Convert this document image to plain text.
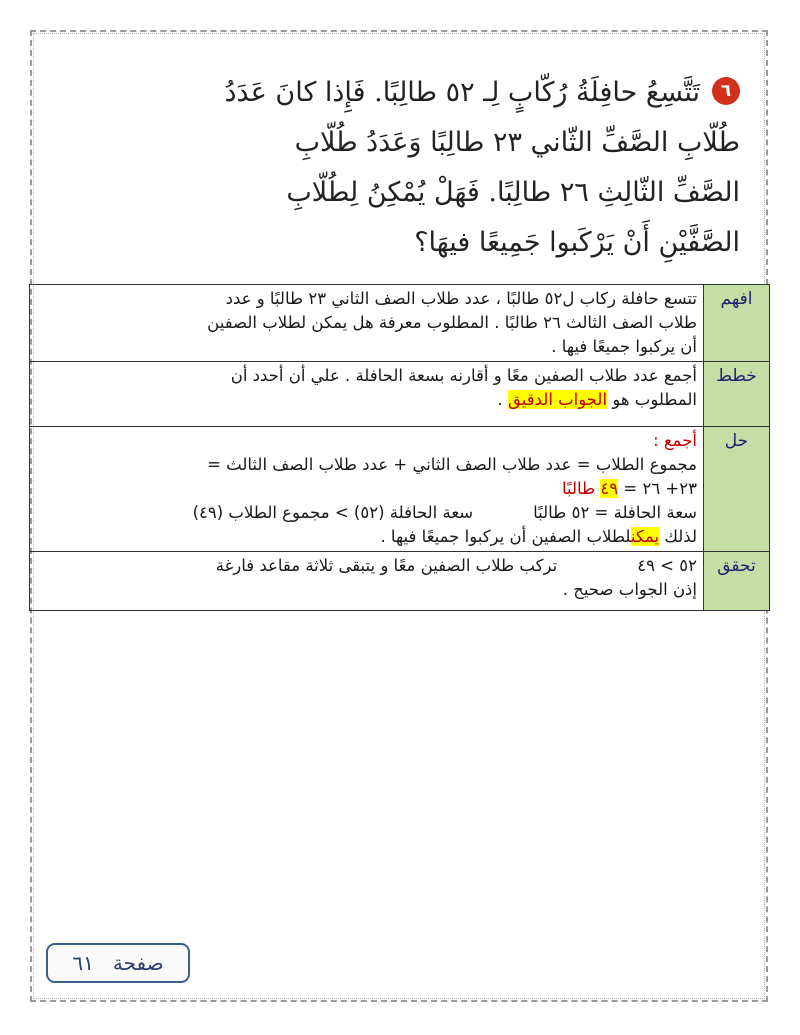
٦تَتَّسِعُ حافِلَةُ رُكّابٍ لِـ ٥٢ طالِبًا. فَإِذا كانَ عَدَدُ
طُلّابِ الصَّفِّ الثّاني ٢٣ طالِبًا وَعَدَدُ طُلّابِ
الصَّفِّ الثّالِثِ ٢٦ طالِبًا. فَهَلْ يُمْكِنُ لِطُلّابِ
الصَّفَّيْنِ أَنْ يَرْكَبوا جَمِيعًا فيهَا؟
افهم	تتسع حافلة ركاب ل٥٢ طالبًا ، عدد طلاب الصف الثاني ٢٣ طالبًا و عدد
طلاب الصف الثالث ٢٦ طالبًا . المطلوب معرفة هل يمكن لطلاب الصفين
أن يركبوا جميعًا فيها .

خطط	أجمع عدد طلاب الصفين معًا و أقارنه بسعة الحافلة . علي أن أحدد أن
المطلوب هو الجواب الدقيق .

حل	أجمع :
مجموع الطلاب = عدد طلاب الصف الثاني + عدد طلاب الصف الثالث =
٢٣+ ٢٦ = ٤٩ طالبًا
سعة الحافلة = ٥٢ طالبًاسعة الحافلة (٥٢) > مجموع الطلاب (٤٩)
لذلك يمكنلطلاب الصفين أن يركبوا جميعًا فيها .

تحقق	٥٢ > ٤٩تركب طلاب الصفين معًا و يتبقى ثلاثة مقاعد فارغة
إذن الجواب صحيح .
صفحة   ٦١
